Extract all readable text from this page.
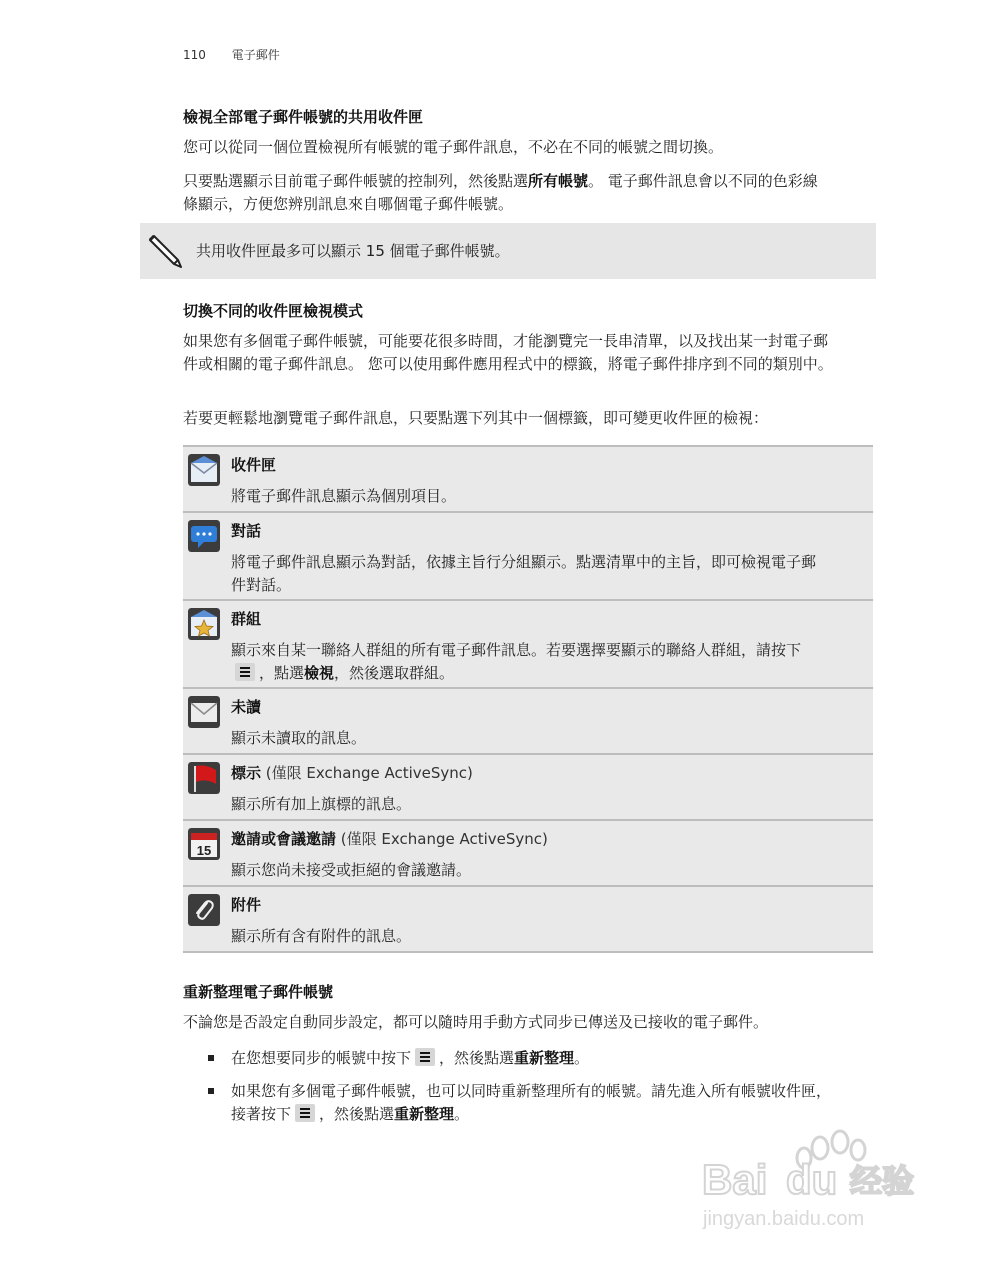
110 電子郵件
檢視全部電子郵件帳號的共用收件匣
您可以從同一個位置檢視所有帳號的電子郵件訊息，不必在不同的帳號之間切換。
只要點選顯示目前電子郵件帳號的控制列，然後點選所有帳號。 電子郵件訊息會以不同的色彩線
條顯示，方便您辨別訊息來自哪個電子郵件帳號。
共用收件匣最多可以顯示 15 個電子郵件帳號。
切換不同的收件匣檢視模式
如果您有多個電子郵件帳號，可能要花很多時間，才能瀏覽完一長串清單，以及找出某一封電子郵
件或相關的電子郵件訊息。 您可以使用郵件應用程式中的標籤，將電子郵件排序到不同的類別中。
若要更輕鬆地瀏覽電子郵件訊息，只要點選下列其中一個標籤，即可變更收件匣的檢視：
收件匣
將電子郵件訊息顯示為個別項目。
對話
將電子郵件訊息顯示為對話，依據主旨行分組顯示。點選清單中的主旨，即可檢視電子郵
件對話。
群組
顯示來自某一聯絡人群組的所有電子郵件訊息。若要選擇要顯示的聯絡人群組，請按下

，點選檢視，然後選取群組。
未讀
顯示未讀取的訊息。
標示 (僅限 Exchange ActiveSync)
顯示所有加上旗標的訊息。
15
邀請或會議邀請 (僅限 Exchange ActiveSync)
顯示您尚未接受或拒絕的會議邀請。
附件
顯示所有含有附件的訊息。
重新整理電子郵件帳號
不論您是否設定自動同步設定，都可以隨時用手動方式同步已傳送及已接收的電子郵件。
在您想要同步的帳號中按下 ，然後點選重新整理。
如果您有多個電子郵件帳號，也可以同時重新整理所有的帳號。請先進入所有帳號收件匣，
接著按下 ，然後點選重新整理。
Bai du 经验
jingyan.baidu.com
